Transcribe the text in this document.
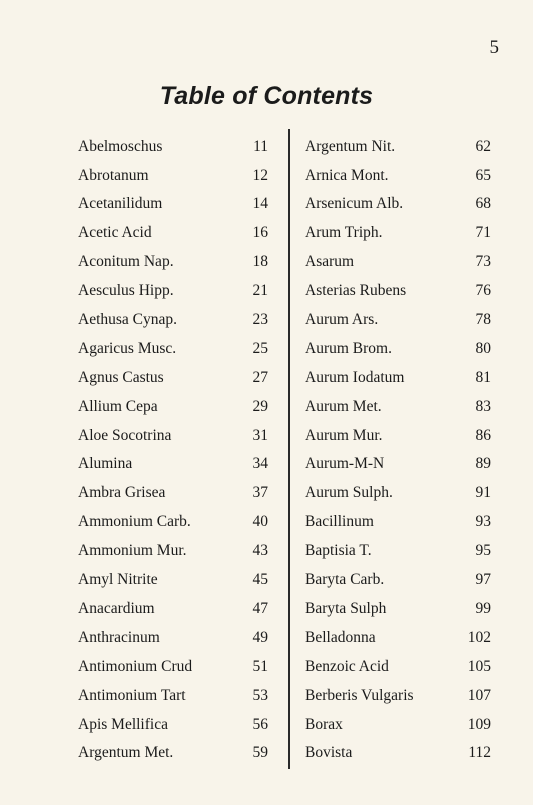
5
Table of Contents
Abelmoschus	11
Abrotanum	12
Acetanilidum	14
Acetic Acid	16
Aconitum Nap.	18
Aesculus Hipp.	21
Aethusa Cynap.	23
Agaricus Musc.	25
Agnus Castus	27
Allium Cepa	29
Aloe Socotrina	31
Alumina	34
Ambra Grisea	37
Ammonium Carb.	40
Ammonium Mur.	43
Amyl Nitrite	45
Anacardium	47
Anthracinum	49
Antimonium Crud	51
Antimonium Tart	53
Apis Mellifica	56
Argentum Met.	59
Argentum Nit.	62
Arnica Mont.	65
Arsenicum Alb.	68
Arum Triph.	71
Asarum	73
Asterias Rubens	76
Aurum Ars.	78
Aurum Brom.	80
Aurum Iodatum	81
Aurum Met.	83
Aurum Mur.	86
Aurum-M-N	89
Aurum Sulph.	91
Bacillinum	93
Baptisia T.	95
Baryta Carb.	97
Baryta Sulph	99
Belladonna	102
Benzoic Acid	105
Berberis Vulgaris	107
Borax	109
Bovista	112
